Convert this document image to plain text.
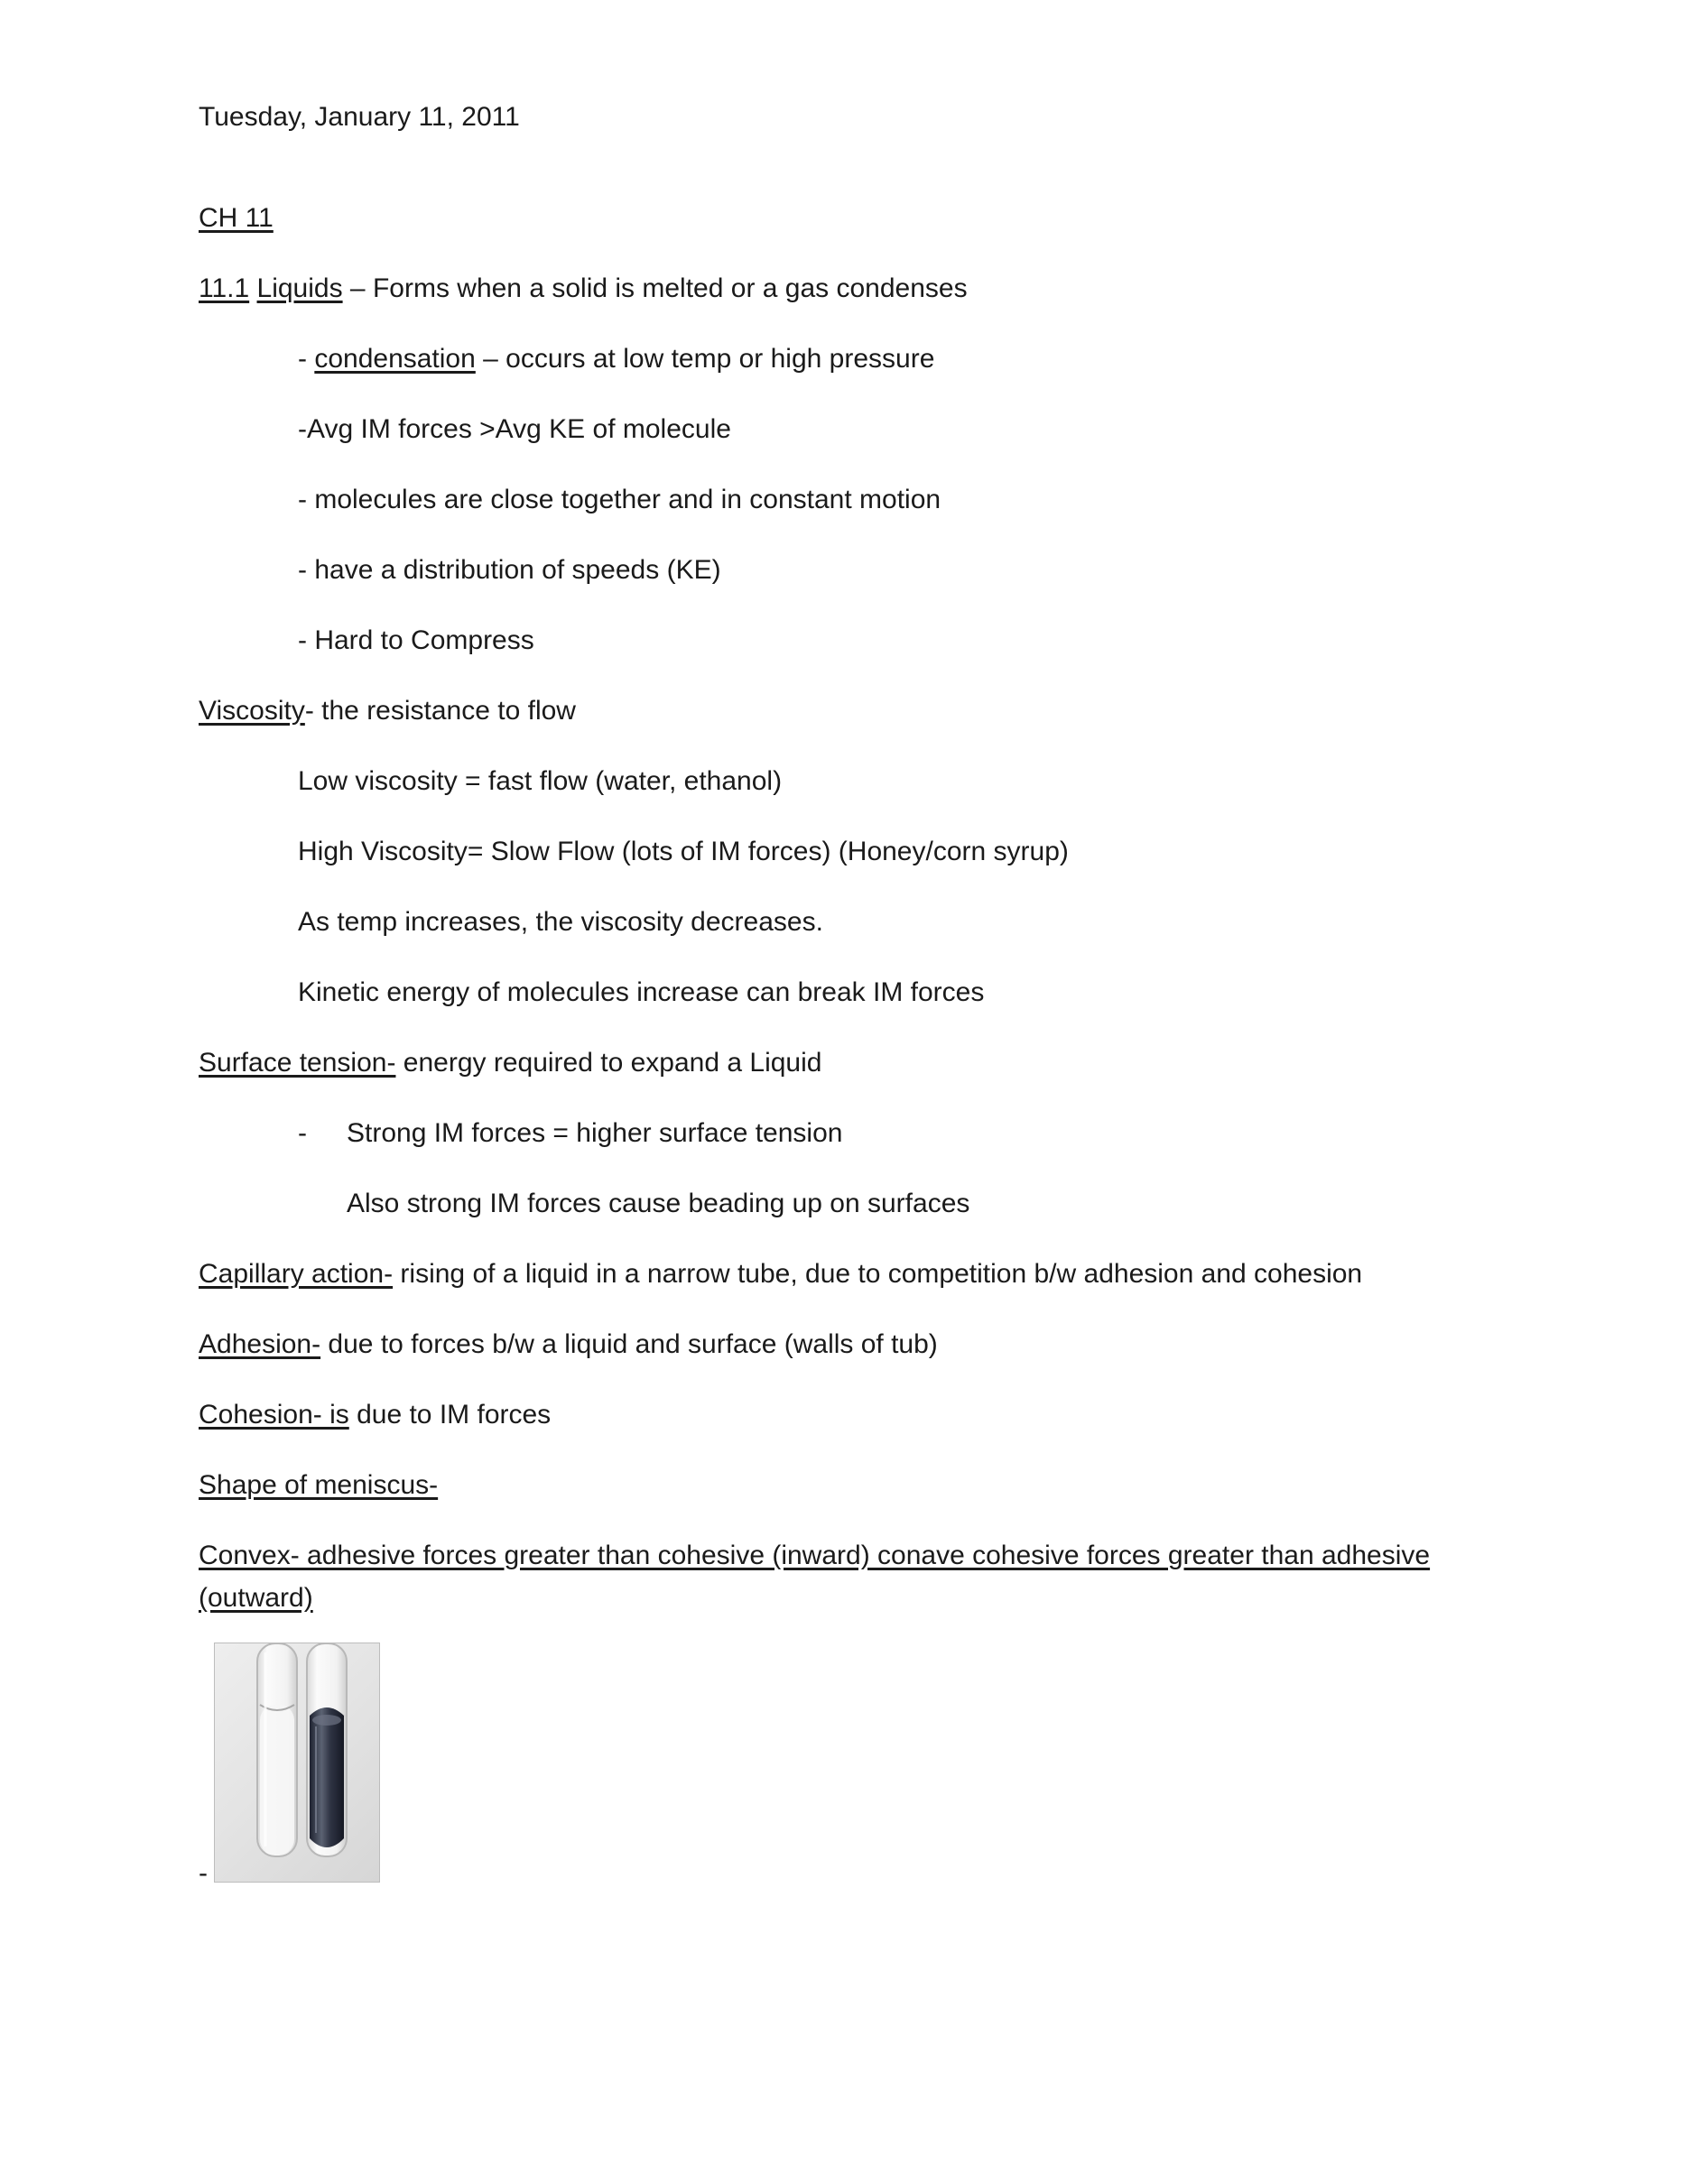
Tuesday, January 11, 2011
CH 11
11.1 Liquids – Forms when a solid is melted or a gas condenses
- condensation – occurs at low temp or high pressure
-Avg IM forces >Avg KE of molecule
- molecules are close together and in constant motion
- have a distribution of speeds (KE)
- Hard to Compress
Viscosity- the resistance to flow
Low viscosity = fast flow (water, ethanol)
High Viscosity= Slow Flow (lots of IM forces) (Honey/corn syrup)
As temp increases, the viscosity decreases.
Kinetic energy of molecules increase can break IM forces
Surface tension- energy required to expand a Liquid
- Strong IM forces = higher surface tension
Also strong IM forces cause beading up on surfaces
Capillary action- rising of a liquid in a narrow tube, due to competition b/w adhesion and cohesion
Adhesion- due to forces b/w a liquid and surface (walls of tub)
Cohesion- is due to IM forces
Shape of meniscus-
Convex- adhesive forces greater than cohesive (inward) conave cohesive forces greater than adhesive
(outward)
-
